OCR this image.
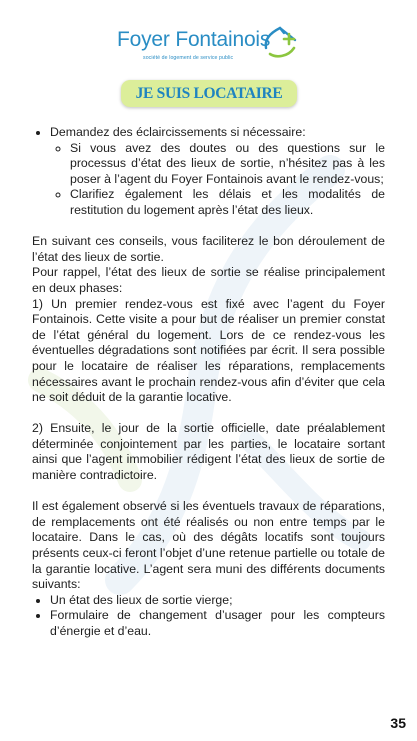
Foyer Fontainois
société de logement de service public
JE SUIS LOCATAIRE
• Demandez des éclaircissements si nécessaire:
◦ Si vous avez des doutes ou des questions sur le processus d’état des lieux de sortie, n’hésitez pas à les poser à l’agent du Foyer Fontainois avant le rendez-vous;
◦ Clarifiez également les délais et les modalités de restitution du logement après l’état des lieux.

En suivant ces conseils, vous faciliterez le bon déroulement de l’état des lieux de sortie.

Pour rappel, l’état des lieux de sortie se réalise principalement en deux phases:

1) Un premier rendez-vous est fixé avec l’agent du Foyer Fontainois. Cette visite a pour but de réaliser un premier constat de l’état général du logement. Lors de ce rendez-vous les éventuelles dégradations sont notifiées par écrit. Il sera possible pour le locataire de réaliser les réparations, remplacements nécessaires avant le prochain rendez-vous afin d’éviter que cela ne soit déduit de la garantie locative.

2) Ensuite, le jour de la sortie officielle, date préalablement déterminée conjointement par les parties, le locataire sortant ainsi que l’agent immobilier rédigent l’état des lieux de sortie de manière contradictoire.

Il est également observé si les éventuels travaux de réparations, de remplacements ont été réalisés ou non entre temps par le locataire. Dans le cas, où des dégâts locatifs sont toujours présents ceux-ci feront l’objet d’une retenue partielle ou totale de la garantie locative. L’agent sera muni des différents documents suivants:

• Un état des lieux de sortie vierge;
• Formulaire de changement d’usager pour les compteurs d’énergie et d’eau.
35
